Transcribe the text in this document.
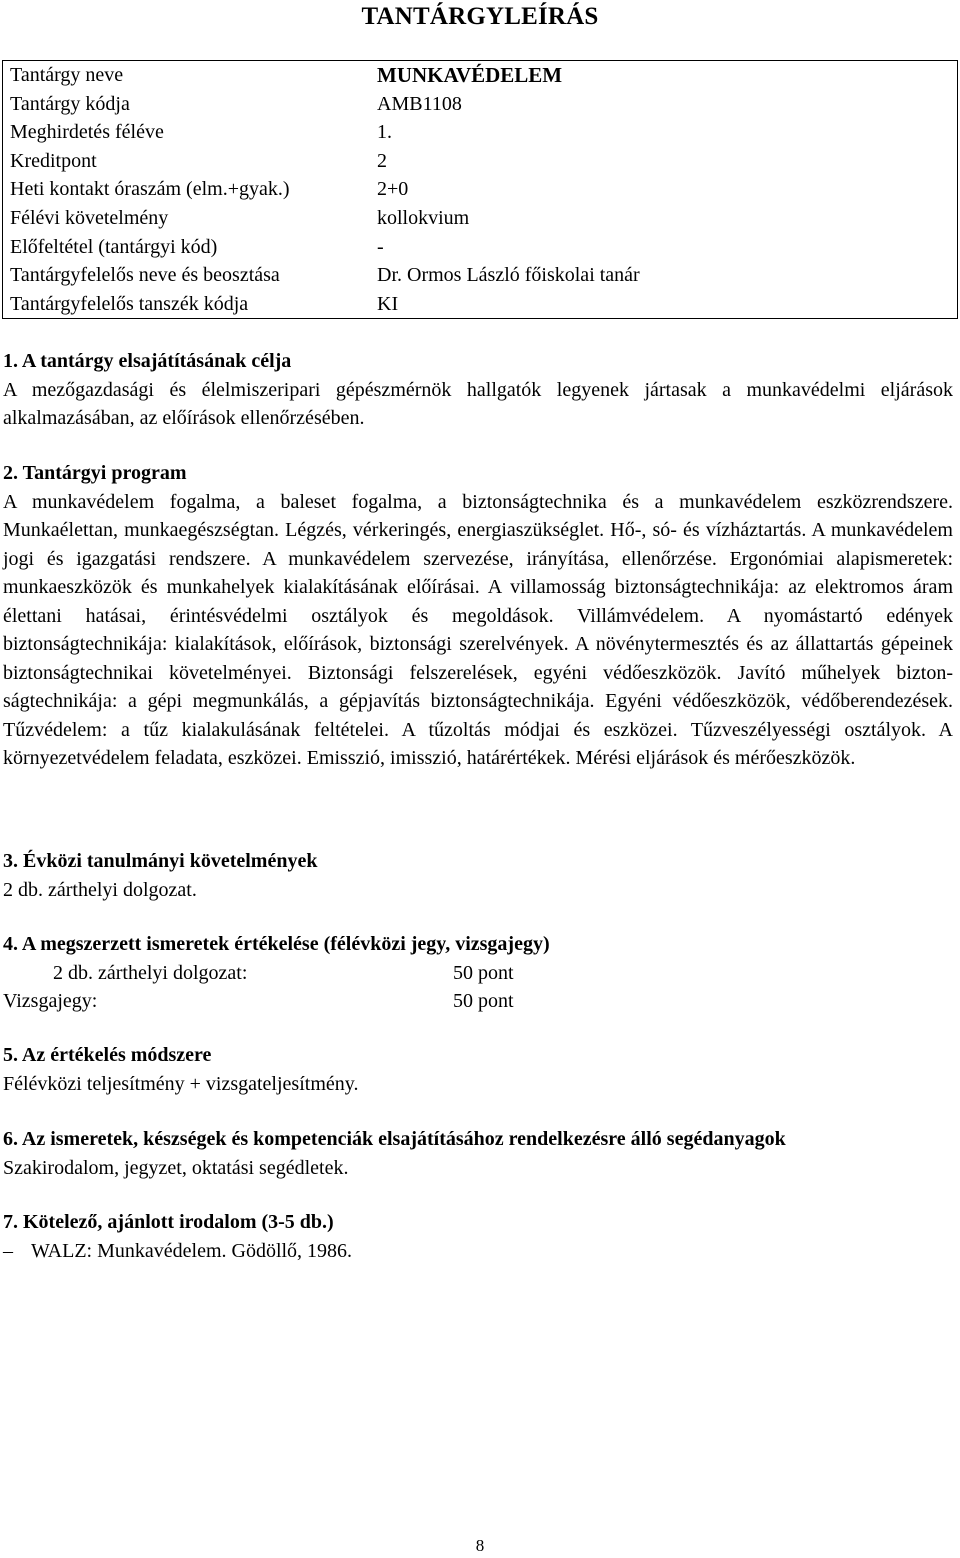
TANTÁRGYLEÍRÁS
Tantárgy neve	MUNKAVÉDELEM
Tantárgy kódja	AMB1108
Meghirdetés féléve	1.
Kreditpont	2
Heti kontakt óraszám (elm.+gyak.)	2+0
Félévi követelmény	kollokvium
Előfeltétel (tantárgyi kód)	-
Tantárgyfelelős neve és beosztása	Dr. Ormos László főiskolai tanár
Tantárgyfelelős tanszék kódja	KI
1. A tantárgy elsajátításának célja
A mezőgazdasági és élelmiszeripari gépészmérnök hallgatók legyenek jártasak a munkavédelmi eljárások alkalmazásában, az előírások ellenőrzésében.
2. Tantárgyi program
A munkavédelem fogalma, a baleset fogalma, a biztonságtechnika és a munkavédelem eszközrendszere. Munkaélettan, munkaegészségtan. Légzés, vérkeringés, energiaszükséglet. Hő-, só- és vízháztartás. A munkavédelem jogi és igazgatási rendszere. A munkavédelem szervezése, irányítása, ellenőrzése. Ergonómiai alapismeretek: munkaeszközök és munkahelyek kialakításának előírásai. A villamosság biztonságtechnikája: az elektromos áram élettani hatásai, érintésvédelmi osztályok és megoldások. Villámvédelem. A nyomástartó edények biztonságtechnikája: kialakítások, előírások, biztonsági szerelvények. A növénytermesztés és az állattartás gépeinek biztonságtechnikai követelményei. Biztonsági felszerelések, egyéni védőeszközök. Javító műhelyek biztonságtechnikája: a gépi megmunkálás, a gépjavítás biztonságtechnikája. Egyéni védőeszközök, védőberendezések. Tűzvédelem: a tűz kialakulásának feltételei. A tűzoltás módjai és eszközei. Tűzveszélyességi osztályok. A környezetvédelem feladata, eszközei. Emisszió, imisszió, határértékek. Mérési eljárások és mérőeszközök.
3. Évközi tanulmányi követelmények
2 db. zárthelyi dolgozat.
4. A megszerzett ismeretek értékelése (félévközi jegy, vizsgajegy)
2 db. zárthelyi dolgozat:	50 pont
Vizsgajegy:	50 pont
5. Az értékelés módszere
Félévközi teljesítmény + vizsgateljesítmény.
6. Az ismeretek, készségek és kompetenciák elsajátításához rendelkezésre álló segédanyagok
Szakirodalom, jegyzet, oktatási segédletek.
7. Kötelező, ajánlott irodalom (3-5 db.)
– WALZ: Munkavédelem. Gödöllő, 1986.
8
